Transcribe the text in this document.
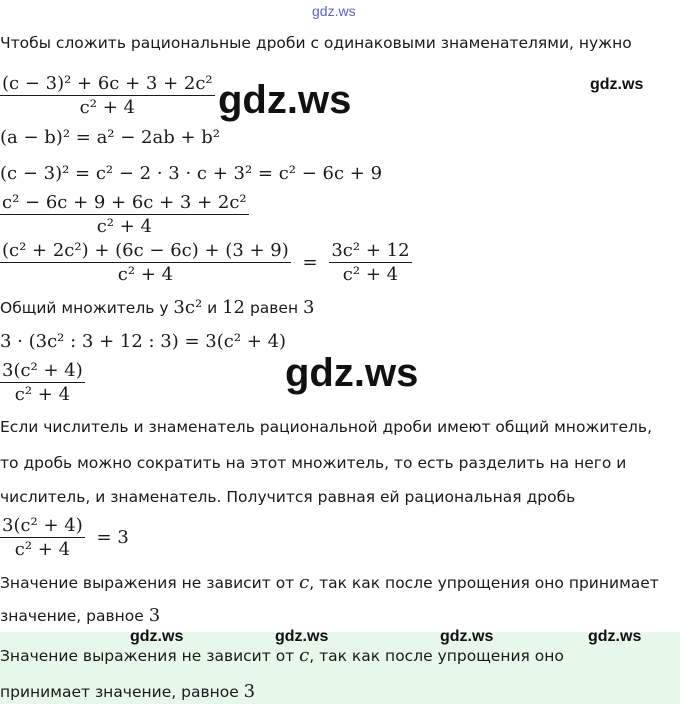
gdz.ws
Чтобы сложить рациональные дроби с одинаковыми знаменателями, нужно
$\frac{\text{(c − 3)² + 6c + 3 + 2c²}}{\text{c² + 4}} gdz.ws$	gdz.ws
(a − b)² = a² − 2ab + b²
(c − 3)² = c² − 2 · 3 · c + 3² = c² − 6c + 9
$\frac{\text{c² − 6c + 9 + 6c + 3 + 2c²}}{\text{c² + 4}}$
$\frac{\text{(c² + 2c²) + (6c − 6c) + (3 + 9)}}{\text{c² + 4}} = \frac{\text{3c² + 12}}{\text{c² + 4}}$
Общий множитель у 3c² и 12 равен 3
3 · (3c² : 3 + 12 : 3) = 3(c² + 4)
$\frac{\text{3(c² + 4)}}{\text{c² + 4}}$	gdz.ws
Если числитель и знаменатель рациональной дроби имеют общий множитель,
то дробь можно сократить на этот множитель, то есть разделить на него и
числитель, и знаменатель. Получится равная ей рациональная дробь
$\frac{\text{3(c² + 4)}}{\text{c² + 4}} = 3$
Значение выражения не зависит от c, так как после упрощения оно принимает
значение, равное 3
gdz.ws	gdz.ws	gdz.ws	gdz.ws
Значение выражения не зависит от c, так как после упрощения оно
принимает значение, равное 3
